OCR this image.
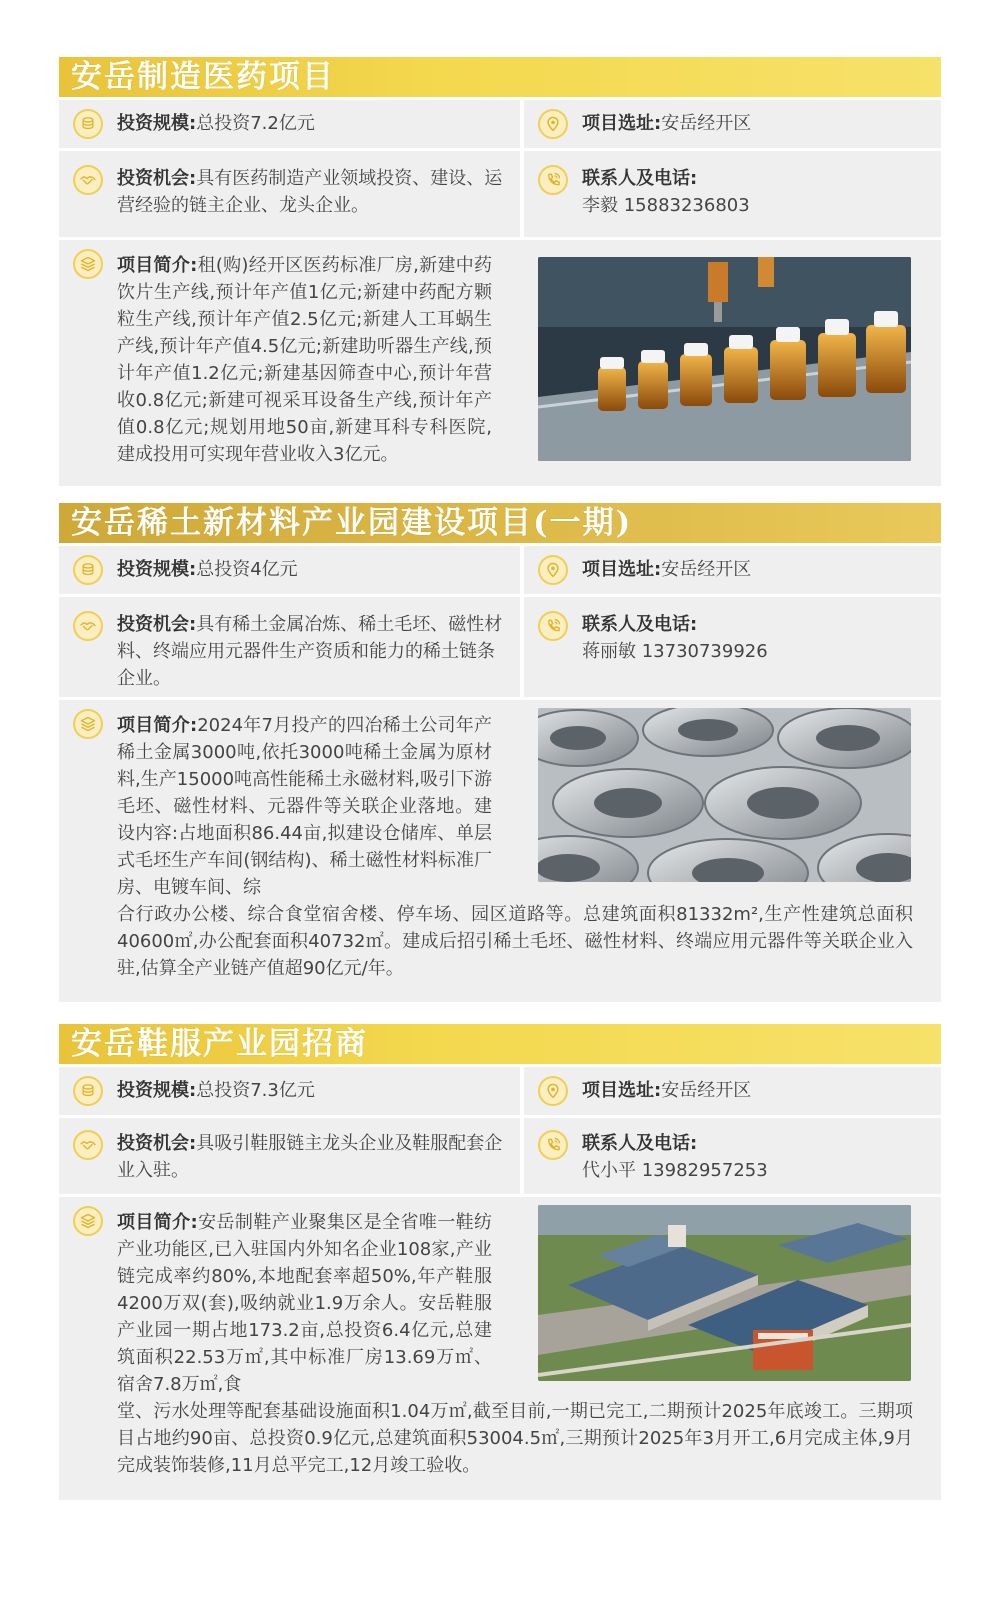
安岳制造医药项目
投资规模:总投资7.2亿元	项目选址:安岳经开区
投资机会:具有医药制造产业领域投资、建设、运营经验的链主企业、龙头企业。
联系人及电话:
李毅 15883236803
项目简介:租(购)经开区医药标准厂房,新建中药饮片生产线,预计年产值1亿元;新建中药配方颗粒生产线,预计年产值2.5亿元;新建人工耳蜗生产线,预计年产值4.5亿元;新建助听器生产线,预计年产值1.2亿元;新建基因筛查中心,预计年营收0.8亿元;新建可视采耳设备生产线,预计年产值0.8亿元;规划用地50亩,新建耳科专科医院,建成投用可实现年营业收入3亿元。
安岳稀土新材料产业园建设项目(一期)
投资规模:总投资4亿元	项目选址:安岳经开区
投资机会:具有稀土金属冶炼、稀土毛坯、磁性材料、终端应用元器件生产资质和能力的稀土链条企业。
联系人及电话:
蒋丽敏 13730739926
项目简介:2024年7月投产的四冶稀土公司年产稀土金属3000吨,依托3000吨稀土金属为原材料,生产15000吨高性能稀土永磁材料,吸引下游毛坯、磁性材料、元器件等关联企业落地。建设内容:占地面积86.44亩,拟建设仓储库、单层式毛坯生产车间(钢结构)、稀土磁性材料标准厂房、电镀车间、综
合行政办公楼、综合食堂宿舍楼、停车场、园区道路等。总建筑面积81332m²,生产性建筑总面积40600㎡,办公配套面积40732㎡。建成后招引稀土毛坯、磁性材料、终端应用元器件等关联企业入驻,估算全产业链产值超90亿元/年。
安岳鞋服产业园招商
投资规模:总投资7.3亿元	项目选址:安岳经开区
投资机会:具吸引鞋服链主龙头企业及鞋服配套企业入驻。
联系人及电话:
代小平 13982957253
项目简介:安岳制鞋产业聚集区是全省唯一鞋纺产业功能区,已入驻国内外知名企业108家,产业链完成率约80%,本地配套率超50%,年产鞋服4200万双(套),吸纳就业1.9万余人。安岳鞋服产业园一期占地173.2亩,总投资6.4亿元,总建筑面积22.53万㎡,其中标准厂房13.69万㎡、宿舍7.8万㎡,食
堂、污水处理等配套基础设施面积1.04万㎡,截至目前,一期已完工,二期预计2025年底竣工。三期项目占地约90亩、总投资0.9亿元,总建筑面积53004.5㎡,三期预计2025年3月开工,6月完成主体,9月完成装饰装修,11月总平完工,12月竣工验收。
